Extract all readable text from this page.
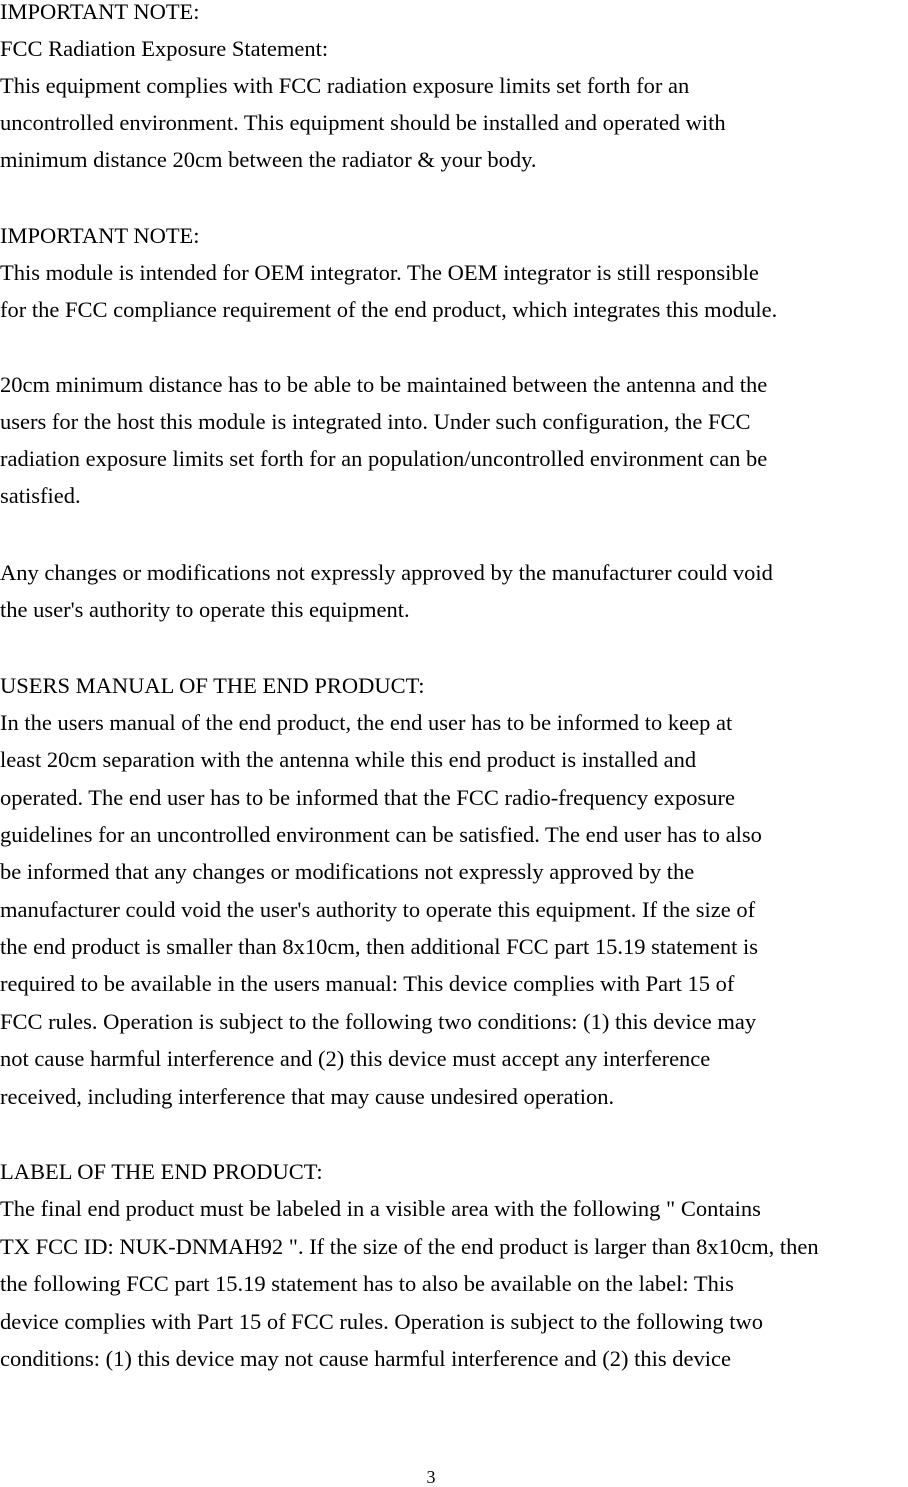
IMPORTANT NOTE:
FCC Radiation Exposure Statement:
This equipment complies with FCC radiation exposure limits set forth for an
uncontrolled environment. This equipment should be installed and operated with
minimum distance 20cm between the radiator & your body.
IMPORTANT NOTE:
This module is intended for OEM integrator. The OEM integrator is still responsible
for the FCC compliance requirement of the end product, which integrates this module.
20cm minimum distance has to be able to be maintained between the antenna and the
users for the host this module is integrated into. Under such configuration, the FCC
radiation exposure limits set forth for an population/uncontrolled environment can be
satisfied.
Any changes or modifications not expressly approved by the manufacturer could void
the user's authority to operate this equipment.
USERS MANUAL OF THE END PRODUCT:
In the users manual of the end product, the end user has to be informed to keep at
least 20cm separation with the antenna while this end product is installed and
operated. The end user has to be informed that the FCC radio-frequency exposure
guidelines for an uncontrolled environment can be satisfied. The end user has to also
be informed that any changes or modifications not expressly approved by the
manufacturer could void the user's authority to operate this equipment. If the size of
the end product is smaller than 8x10cm, then additional FCC part 15.19 statement is
required to be available in the users manual: This device complies with Part 15 of
FCC rules. Operation is subject to the following two conditions: (1) this device may
not cause harmful interference and (2) this device must accept any interference
received, including interference that may cause undesired operation.
LABEL OF THE END PRODUCT:
The final end product must be labeled in a visible area with the following " Contains
TX FCC ID: NUK-DNMAH92 ". If the size of the end product is larger than 8x10cm, then
the following FCC part 15.19 statement has to also be available on the label: This
device complies with Part 15 of FCC rules. Operation is subject to the following two
conditions: (1) this device may not cause harmful interference and (2) this device
3
